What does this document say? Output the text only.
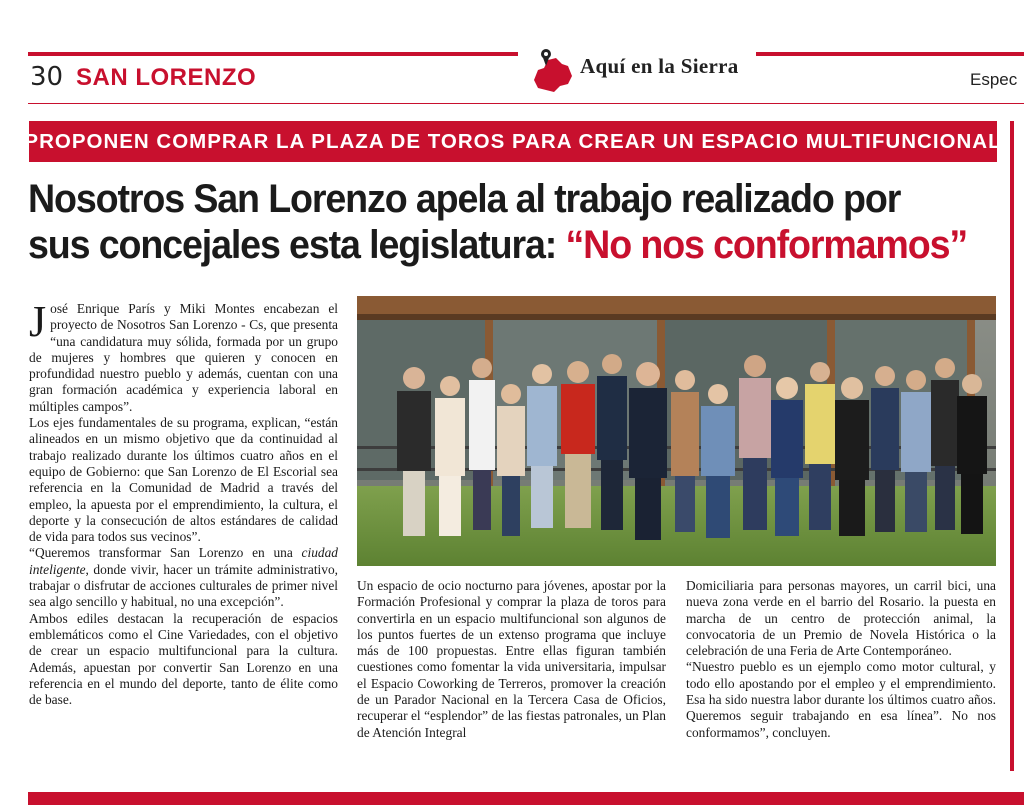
30 SAN LORENZO	Aquí en la Sierra
Espec
PROPONEN COMPRAR LA PLAZA DE TOROS PARA CREAR UN ESPACIO MULTIFUNCIONAL
Nosotros San Lorenzo apela al trabajo realizado por
sus concejales esta legislatura: “No nos conformamos”

José Enrique París y Miki Montes encabezan el proyecto de Nosotros San Lorenzo - Cs, que presenta “una candidatura muy sólida, formada por un grupo de mujeres y hombres que quieren y conocen en profundidad nuestro pueblo y además, cuentan con una gran formación académica y experiencia laboral en múltiples campos”.

Los ejes fundamentales de su programa, explican, “están alineados en un mismo objetivo que da continuidad al trabajo realizado durante los últimos cuatro años en el equipo de Gobierno: que San Lorenzo de El Escorial sea referencia en la Comunidad de Madrid a través del empleo, la apuesta por el emprendimiento, la cultura, el deporte y la consecución de altos estándares de calidad de vida para todos sus vecinos”.

“Queremos transformar San Lorenzo en una ciudad inteligente, donde vivir, hacer un trámite administrativo, trabajar o disfrutar de acciones culturales de primer nivel sea algo sencillo y habitual, no una excepción”.

Ambos ediles destacan la recuperación de espacios emblemáticos como el Cine Variedades, con el objetivo de crear un espacio multifuncional para la cultura. Además, apuestan por convertir San Lorenzo en una referencia en el mundo del deporte, tanto de élite como de base.

Un espacio de ocio nocturno para jóvenes, apostar por la Formación Profesional y comprar la plaza de toros para convertirla en un espacio multifuncional son algunos de los puntos fuertes de un extenso programa que incluye más de 100 propuestas. Entre ellas figuran también cuestiones como fomentar la vida universitaria, impulsar el Espacio Coworking de Terreros, promover la creación de un Parador Nacional en la Tercera Casa de Oficios, recuperar el “esplendor” de las fiestas patronales, un Plan de Atención Integral

Domiciliaria para personas mayores, un carril bici, una nueva zona verde en el barrio del Rosario. la puesta en marcha de un centro de protección animal, la convocatoria de un Premio de Novela Histórica o la celebración de una Feria de Arte Contemporáneo.

“Nuestro pueblo es un ejemplo como motor cultural, y todo ello apostando por el empleo y el emprendimiento. Esa ha sido nuestra labor durante los últimos cuatro años. Queremos seguir trabajando en esa línea”. No nos conformamos”, concluyen.
